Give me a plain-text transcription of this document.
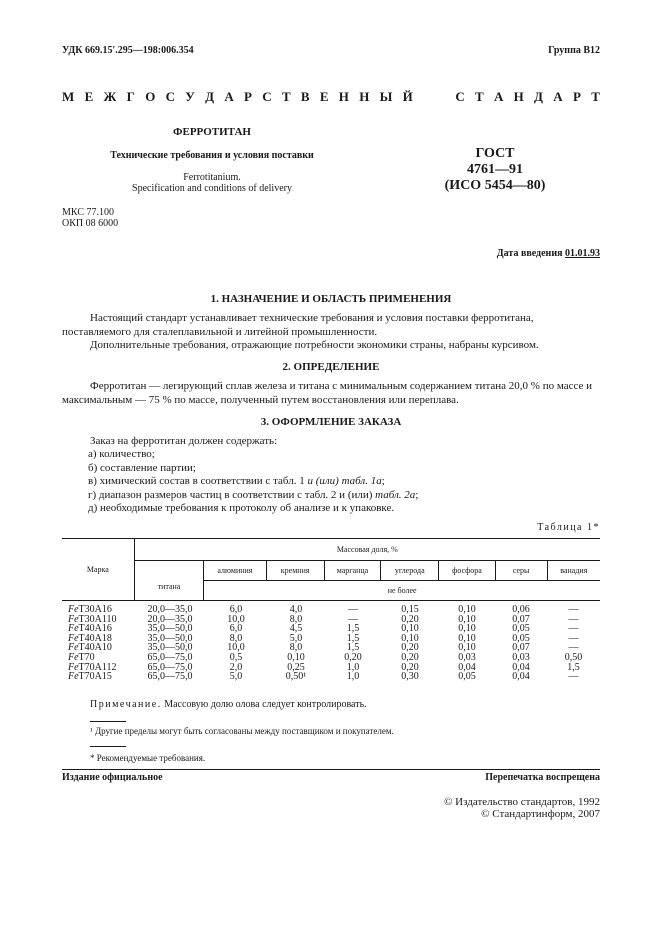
УДК 669.15ʹ.295—198:006.354	Группа В12
М Е Ж Г О С У Д А Р С Т В Е Н Н Ы Й	С Т А Н Д А Р Т
ФЕРРОТИТАН
Технические требования и условия поставки
Ferrotitanium.
Specification and conditions of delivery
ГОСТ
4761—91
(ИСО 5454—80)
МКС 77.100
ОКП 08 6000
Дата введения 01.01.93
1. НАЗНАЧЕНИЕ И ОБЛАСТЬ ПРИМЕНЕНИЯ

Настоящий стандарт устанавливает технические требования и условия поставки ферротитана, поставляемого для сталеплавильной и литейной промышленности.

Дополнительные требования, отражающие потребности экономики страны, набраны курсивом.

2. ОПРЕДЕЛЕНИЕ

Ферротитан — легирующий сплав железа и титана с минимальным содержанием титана 20,0 % по массе и максимальным — 75 % по массе, полученный путем восстановления или переплава.

3. ОФОРМЛЕНИЕ ЗАКАЗА

Заказ на ферротитан должен содержать:

а) количество;
б) составление партии;
в) химический состав в соответствии с табл. 1 и (или) табл. 1а;
г) диапазон размеров частиц в соответствии с табл. 2 и (или) табл. 2а;
д) необходимые требования к протоколу об анализе и к упаковке.
Таблица 1*
Марка	Массовая доля, %							
	титана	алюминия	кремния	марганца	углерода	фосфора	серы	ванадия
		не более						
FeT30A16	20,0—35,0	6,0	4,0	—	0,15	0,10	0,06	—
FeT30A110	20,0—35,0	10,0	8,0	—	0,20	0,10	0,07	—
FeT40A16	35,0—50,0	6,0	4,5	1,5	0,10	0,10	0,05	—
FeT40A18	35,0—50,0	8,0	5,0	1,5	0,10	0,10	0,05	—
FeT40A10	35,0—50,0	10,0	8,0	1,5	0,20	0,10	0,07	—
FeT70	65,0—75,0	0,5	0,10	0,20	0,20	0,03	0,03	0,50
FeT70A112	65,0—75,0	2,0	0,25	1,0	0,20	0,04	0,04	1,5
FeT70A15	65,0—75,0	5,0	0,50¹	1,0	0,30	0,05	0,04	—
Примечание. Массовую долю олова следует контролировать.
¹ Другие пределы могут быть согласованы между поставщиком и покупателем.
* Рекомендуемые требования.
Издание официальное	Перепечатка воспрещена
© Издательство стандартов, 1992
© Стандартинформ, 2007
